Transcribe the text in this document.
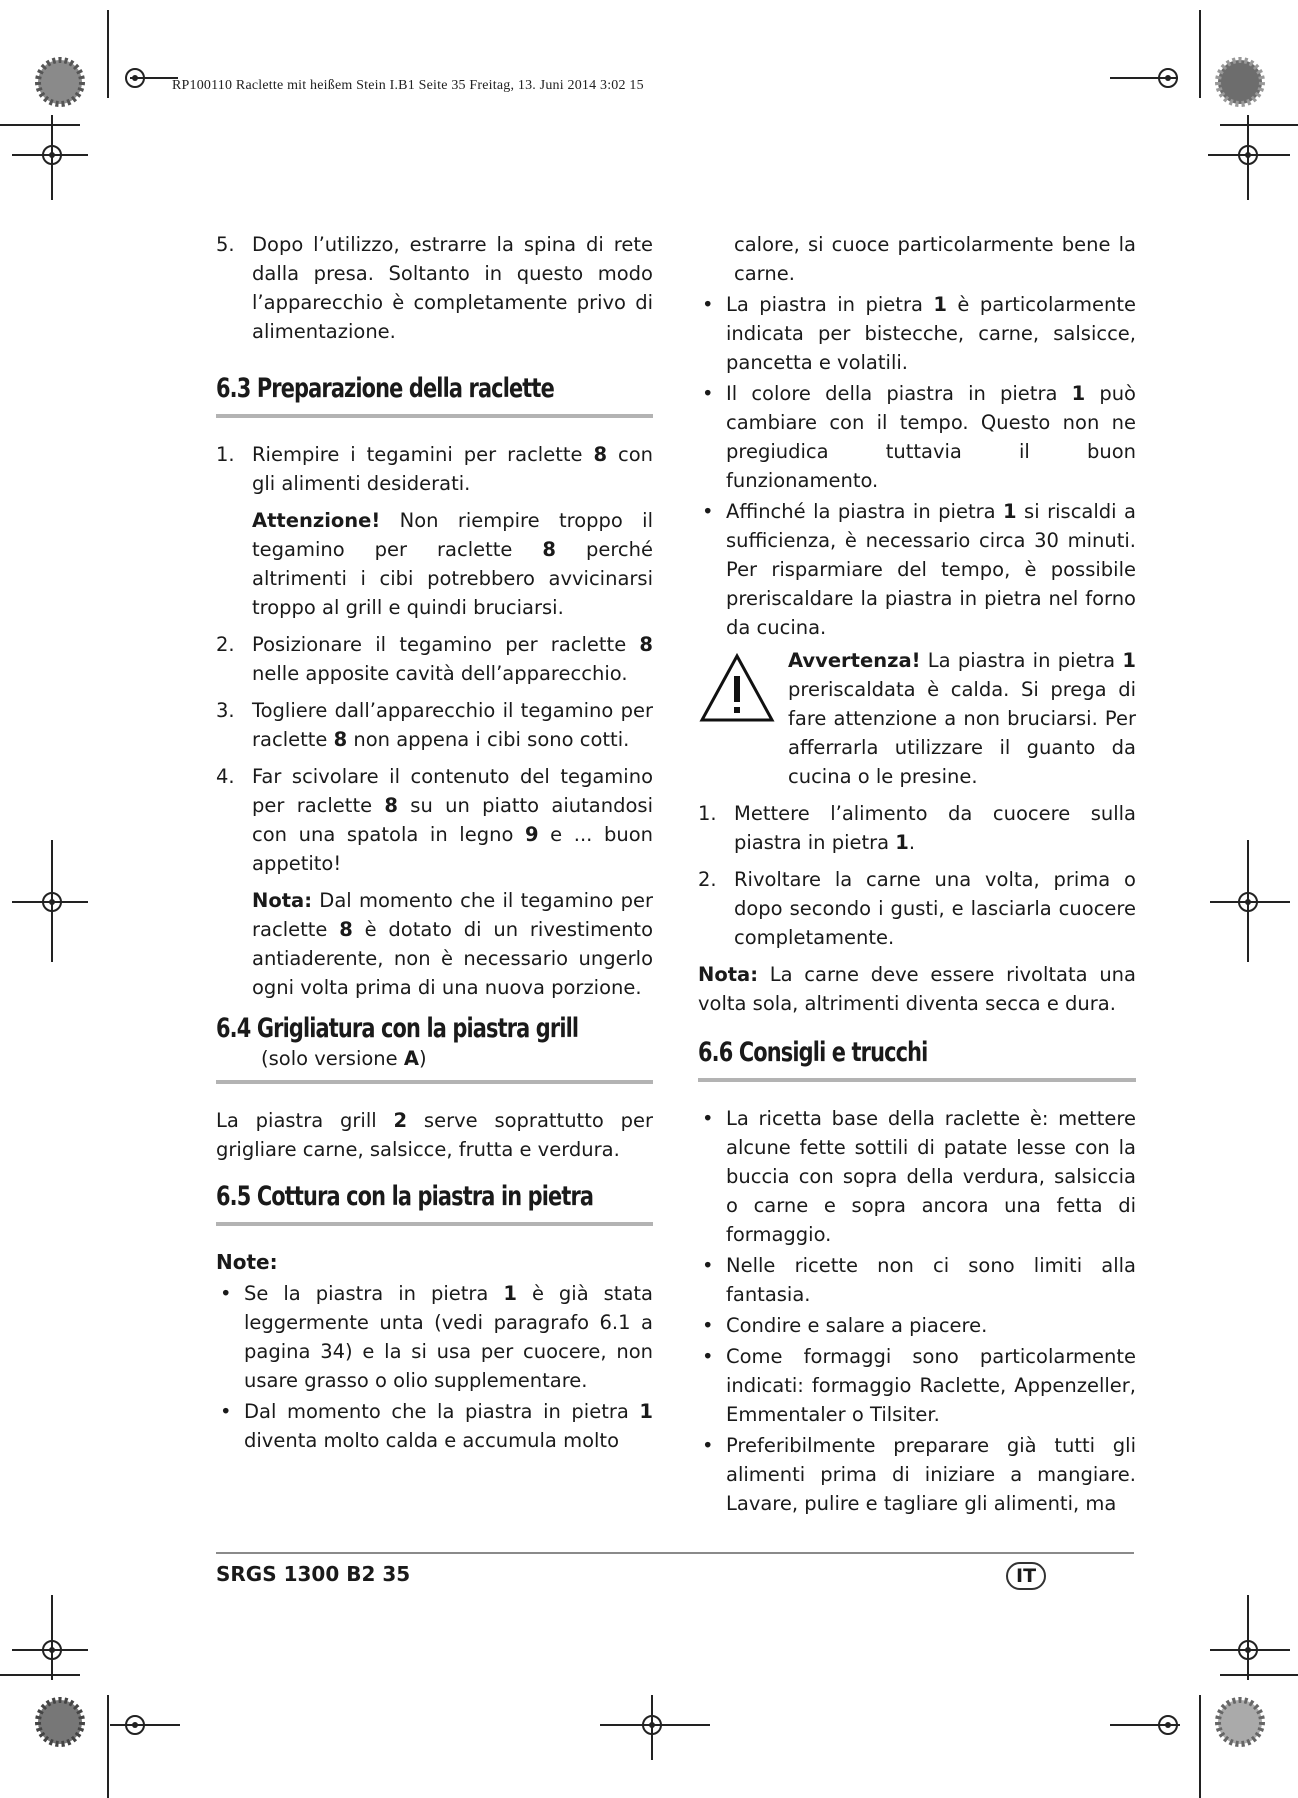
RP100110 Raclette mit heißem Stein I.B1 Seite 35 Freitag, 13. Juni 2014 3:02 15
5. Dopo l’utilizzo, estrarre la spina di rete dalla presa. Soltanto in questo modo l’apparecchio è completamente privo di alimentazione.
6.3 Preparazione della raclette
1. Riempire i tegamini per raclette 8 con gli alimenti desiderati.
Attenzione! Non riempire troppo il tegamino per raclette 8 perché altrimenti i cibi potrebbero avvicinarsi troppo al grill e quindi bruciarsi.
2. Posizionare il tegamino per raclette 8 nelle apposite cavità dell’apparecchio.
3. Togliere dall’apparecchio il tegamino per raclette 8 non appena i cibi sono cotti.
4. Far scivolare il contenuto del tegamino per raclette 8 su un piatto aiutandosi con una spatola in legno 9 e ... buon appetito!
Nota: Dal momento che il tegamino per raclette 8 è dotato di un rivestimento antiaderente, non è necessario ungerlo ogni volta prima di una nuova porzione.
6.4 Grigliatura con la piastra grill

(solo versione A)

La piastra grill 2 serve soprattutto per grigliare carne, salsicce, frutta e verdura.

6.5 Cottura con la piastra in pietra

Note:

• Se la piastra in pietra 1 è già stata leggermente unta (vedi paragrafo 6.1 a pagina 34) e la si usa per cuocere, non usare grasso o olio supplementare.
• Dal momento che la piastra in pietra 1 diventa molto calda e accumula molto

calore, si cuoce particolarmente bene la carne.

• La piastra in pietra 1 è particolarmente indicata per bistecche, carne, salsicce, pancetta e volatili.
• Il colore della piastra in pietra 1 può cambiare con il tempo. Questo non ne pregiudica tuttavia il buon funzionamento.
• Affinché la piastra in pietra 1 si riscaldi a sufficienza, è necessario circa 30 minuti. Per risparmiare del tempo, è possibile preriscaldare la piastra in pietra nel forno da cucina.
Avvertenza! La piastra in pietra 1 preriscaldata è calda. Si prega di fare attenzione a non bruciarsi. Per afferrarla utilizzare il guanto da cucina o le presine.
1. Mettere l’alimento da cuocere sulla piastra in pietra 1.
2. Rivoltare la carne una volta, prima o dopo secondo i gusti, e lasciarla cuocere completamente.

Nota: La carne deve essere rivoltata una volta sola, altrimenti diventa secca e dura.

6.6 Consigli e trucchi
• La ricetta base della raclette è: mettere alcune fette sottili di patate lesse con la buccia con sopra della verdura, salsiccia o carne e sopra ancora una fetta di formaggio.
• Nelle ricette non ci sono limiti alla fantasia.
• Condire e salare a piacere.
• Come formaggi sono particolarmente indicati: formaggio Raclette, Appenzeller, Emmentaler o Tilsiter.
• Preferibilmente preparare già tutti gli alimenti prima di iniziare a mangiare. Lavare, pulire e tagliare gli alimenti, ma
SRGS 1300 B2 35	IT
